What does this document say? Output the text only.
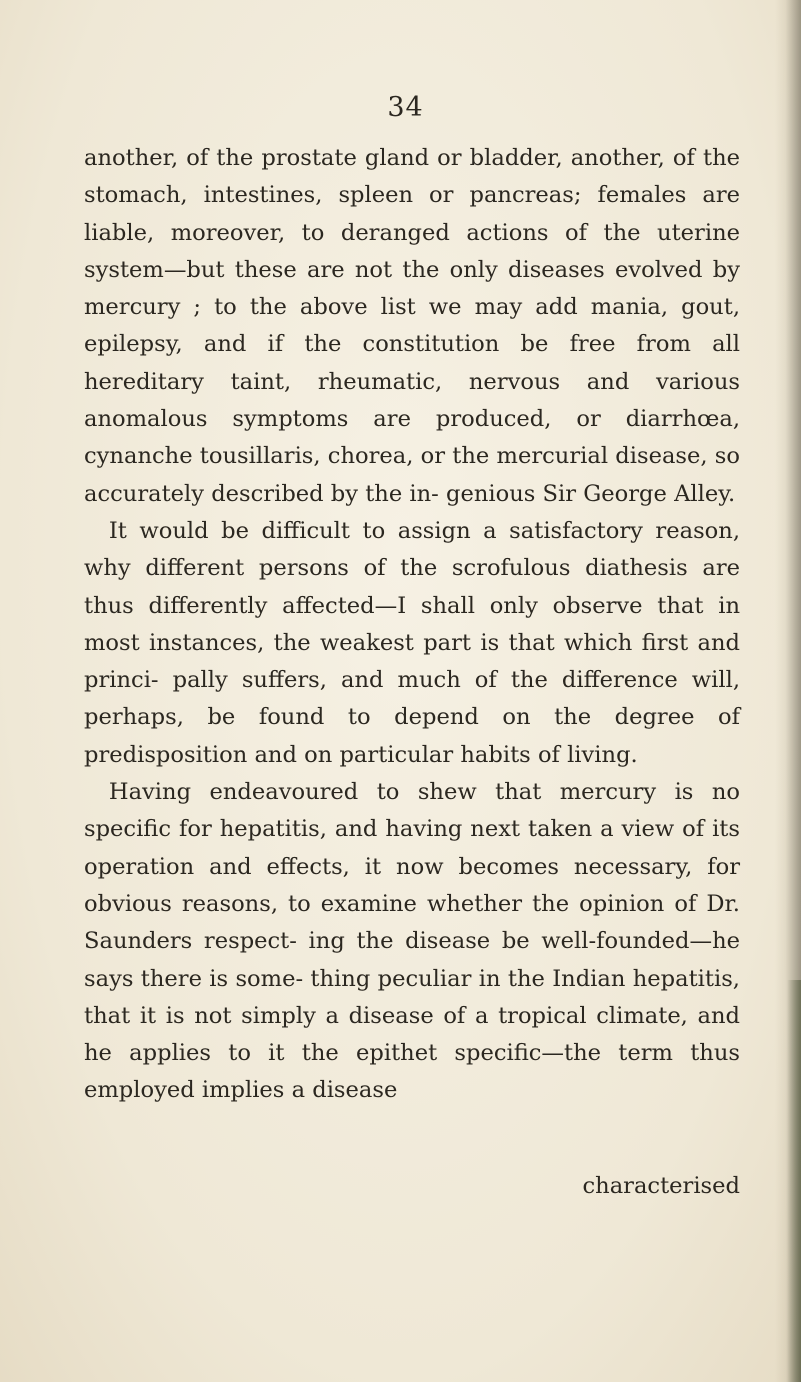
34

another, of the prostate gland or bladder, another, of the stomach, intestines, spleen or pancreas; females are liable, moreover, to deranged actions of the uterine system—but these are not the only diseases evolved by mercury ; to the above list we may add mania, gout, epilepsy, and if the constitution be free from all hereditary taint, rheumatic, nervous and various anomalous symptoms are produced, or diarrhœa, cynanche tousillaris, chorea, or the mercurial disease, so accurately described by the in- genious Sir George Alley.

It would be difficult to assign a satisfactory reason, why different persons of the scrofulous diathesis are thus differently affected—I shall only observe that in most instances, the weakest part is that which first and princi- pally suffers, and much of the difference will, perhaps, be found to depend on the degree of predisposition and on particular habits of living.

Having endeavoured to shew that mercury is no specific for hepatitis, and having next taken a view of its operation and effects, it now becomes necessary, for obvious reasons, to examine whether the opinion of Dr. Saunders respect- ing the disease be well-founded—he says there is some- thing peculiar in the Indian hepatitis, that it is not simply a disease of a tropical climate, and he applies to it the epithet specific—the term thus employed implies a disease

characterised
